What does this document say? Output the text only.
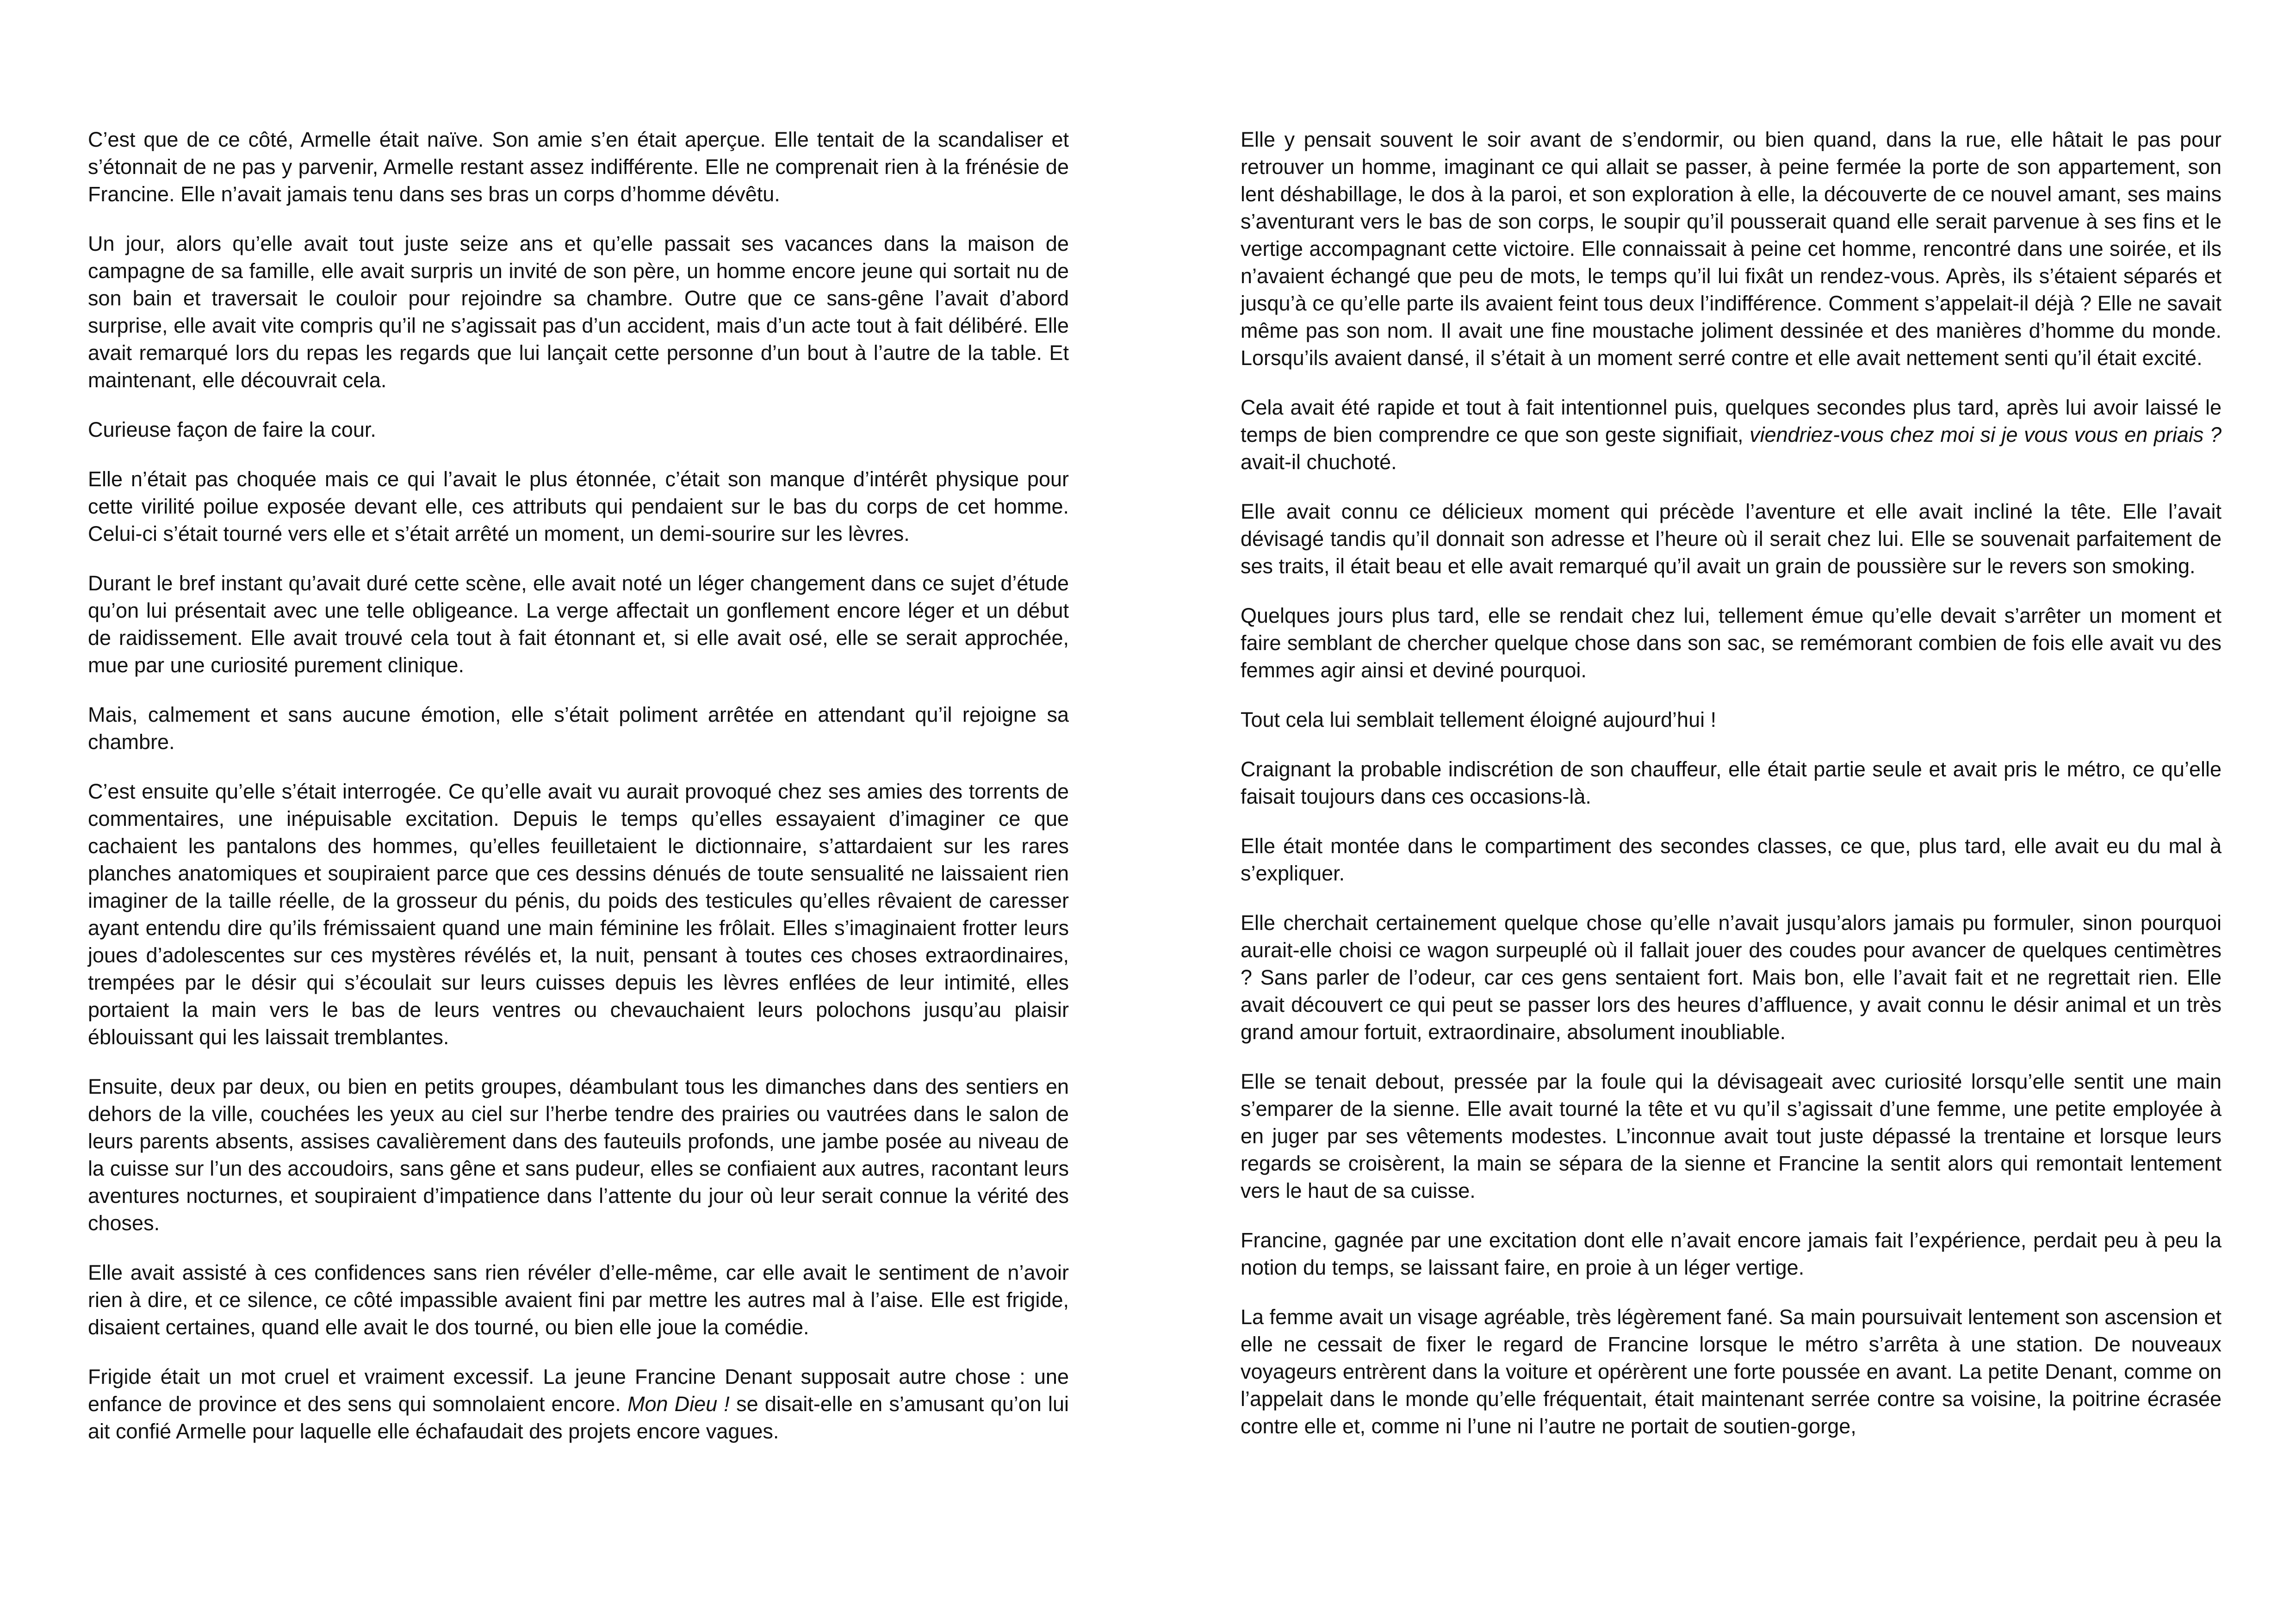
C’est que de ce côté, Armelle était naïve. Son amie s’en était aperçue. Elle tentait de la scandaliser et s’étonnait de ne pas y parvenir, Armelle restant assez indifférente. Elle ne comprenait rien à la frénésie de Francine. Elle n’avait jamais tenu dans ses bras un corps d’homme dévêtu.

Un jour, alors qu’elle avait tout juste seize ans et qu’elle passait ses vacances dans la maison de campagne de sa famille, elle avait surpris un invité de son père, un homme encore jeune qui sortait nu de son bain et traversait le couloir pour rejoindre sa chambre. Outre que ce sans-gêne l’avait d’abord surprise, elle avait vite compris qu’il ne s’agissait pas d’un accident, mais d’un acte tout à fait délibéré. Elle avait remarqué lors du repas les regards que lui lançait cette personne d’un bout à l’autre de la table. Et maintenant, elle découvrait cela.

Curieuse façon de faire la cour.

Elle n’était pas choquée mais ce qui l’avait le plus étonnée, c’était son manque d’intérêt physique pour cette virilité poilue exposée devant elle, ces attributs qui pendaient sur le bas du corps de cet homme. Celui-ci s’était tourné vers elle et s’était arrêté un moment, un demi-sourire sur les lèvres.

Durant le bref instant qu’avait duré cette scène, elle avait noté un léger changement dans ce sujet d’étude qu’on lui présentait avec une telle obligeance. La verge affectait un gonflement encore léger et un début de raidissement. Elle avait trouvé cela tout à fait étonnant et, si elle avait osé, elle se serait approchée, mue par une curiosité purement clinique.

Mais, calmement et sans aucune émotion, elle s’était poliment arrêtée en attendant qu’il rejoigne sa chambre.

C’est ensuite qu’elle s’était interrogée. Ce qu’elle avait vu aurait provoqué chez ses amies des torrents de commentaires, une inépuisable excitation. Depuis le temps qu’elles essayaient d’imaginer ce que cachaient les pantalons des hommes, qu’elles feuilletaient le dictionnaire, s’attardaient sur les rares planches anatomiques et soupiraient parce que ces dessins dénués de toute sensualité ne laissaient rien imaginer de la taille réelle, de la grosseur du pénis, du poids des testicules qu’elles rêvaient de caresser ayant entendu dire qu’ils frémissaient quand une main féminine les frôlait. Elles s’imaginaient frotter leurs joues d’adolescentes sur ces mystères révélés et, la nuit, pensant à toutes ces choses extraordinaires, trempées par le désir qui s’écoulait sur leurs cuisses depuis les lèvres enflées de leur intimité, elles portaient la main vers le bas de leurs ventres ou chevauchaient leurs polochons jusqu’au plaisir éblouissant qui les laissait tremblantes.

Ensuite, deux par deux, ou bien en petits groupes, déambulant tous les dimanches dans des sentiers en dehors de la ville, couchées les yeux au ciel sur l’herbe tendre des prairies ou vautrées dans le salon de leurs parents absents, assises cavalièrement dans des fauteuils profonds, une jambe posée au niveau de la cuisse sur l’un des accoudoirs, sans gêne et sans pudeur, elles se confiaient aux autres, racontant leurs aventures nocturnes, et soupiraient d’impatience dans l’attente du jour où leur serait connue la vérité des choses.

Elle avait assisté à ces confidences sans rien révéler d’elle-même, car elle avait le sentiment de n’avoir rien à dire, et ce silence, ce côté impassible avaient fini par mettre les autres mal à l’aise. Elle est frigide, disaient certaines, quand elle avait le dos tourné, ou bien elle joue la comédie.

Frigide était un mot cruel et vraiment excessif. La jeune Francine Denant supposait autre chose : une enfance de province et des sens qui somnolaient encore. Mon Dieu ! se disait-elle en s’amusant qu’on lui ait confié Armelle pour laquelle elle échafaudait des projets encore vagues.

Elle y pensait souvent le soir avant de s’endormir, ou bien quand, dans la rue, elle hâtait le pas pour retrouver un homme, imaginant ce qui allait se passer, à peine fermée la porte de son appartement, son lent déshabillage, le dos à la paroi, et son exploration à elle, la découverte de ce nouvel amant, ses mains s’aventurant vers le bas de son corps, le soupir qu’il pousserait quand elle serait parvenue à ses fins et le vertige accompagnant cette victoire. Elle connaissait à peine cet homme, rencontré dans une soirée, et ils n’avaient échangé que peu de mots, le temps qu’il lui fixât un rendez-vous. Après, ils s’étaient séparés et jusqu’à ce qu’elle parte ils avaient feint tous deux l’indifférence. Comment s’appelait-il déjà ? Elle ne savait même pas son nom. Il avait une fine moustache joliment dessinée et des manières d’homme du monde. Lorsqu’ils avaient dansé, il s’était à un moment serré contre et elle avait nettement senti qu’il était excité.

Cela avait été rapide et tout à fait intentionnel puis, quelques secondes plus tard, après lui avoir laissé le temps de bien comprendre ce que son geste signifiait, viendriez-vous chez moi si je vous vous en priais ? avait-il chuchoté.

Elle avait connu ce délicieux moment qui précède l’aventure et elle avait incliné la tête. Elle l’avait dévisagé tandis qu’il donnait son adresse et l’heure où il serait chez lui. Elle se souvenait parfaitement de ses traits, il était beau et elle avait remarqué qu’il avait un grain de poussière sur le revers son smoking.

Quelques jours plus tard, elle se rendait chez lui, tellement émue qu’elle devait s’arrêter un moment et faire semblant de chercher quelque chose dans son sac, se remémorant combien de fois elle avait vu des femmes agir ainsi et deviné pourquoi.

Tout cela lui semblait tellement éloigné aujourd’hui !

Craignant la probable indiscrétion de son chauffeur, elle était partie seule et avait pris le métro, ce qu’elle faisait toujours dans ces occasions-là.

Elle était montée dans le compartiment des secondes classes, ce que, plus tard, elle avait eu du mal à s’expliquer.

Elle cherchait certainement quelque chose qu’elle n’avait jusqu’alors jamais pu formuler, sinon pourquoi aurait-elle choisi ce wagon surpeuplé où il fallait jouer des coudes pour avancer de quelques centimètres ? Sans parler de l’odeur, car ces gens sentaient fort. Mais bon, elle l’avait fait et ne regrettait rien. Elle avait découvert ce qui peut se passer lors des heures d’affluence, y avait connu le désir animal et un très grand amour fortuit, extraordinaire, absolument inoubliable.

Elle se tenait debout, pressée par la foule qui la dévisageait avec curiosité lorsqu’elle sentit une main s’emparer de la sienne. Elle avait tourné la tête et vu qu’il s’agissait d’une femme, une petite employée à en juger par ses vêtements modestes. L’inconnue avait tout juste dépassé la trentaine et lorsque leurs regards se croisèrent, la main se sépara de la sienne et Francine la sentit alors qui remontait lentement vers le haut de sa cuisse.

Francine, gagnée par une excitation dont elle n’avait encore jamais fait l’expérience, perdait peu à peu la notion du temps, se laissant faire, en proie à un léger vertige.

La femme avait un visage agréable, très légèrement fané. Sa main poursuivait lentement son ascension et elle ne cessait de fixer le regard de Francine lorsque le métro s’arrêta à une station. De nouveaux voyageurs entrèrent dans la voiture et opérèrent une forte poussée en avant. La petite Denant, comme on l’appelait dans le monde qu’elle fréquentait, était maintenant serrée contre sa voisine, la poitrine écrasée contre elle et, comme ni l’une ni l’autre ne portait de soutien-gorge,
